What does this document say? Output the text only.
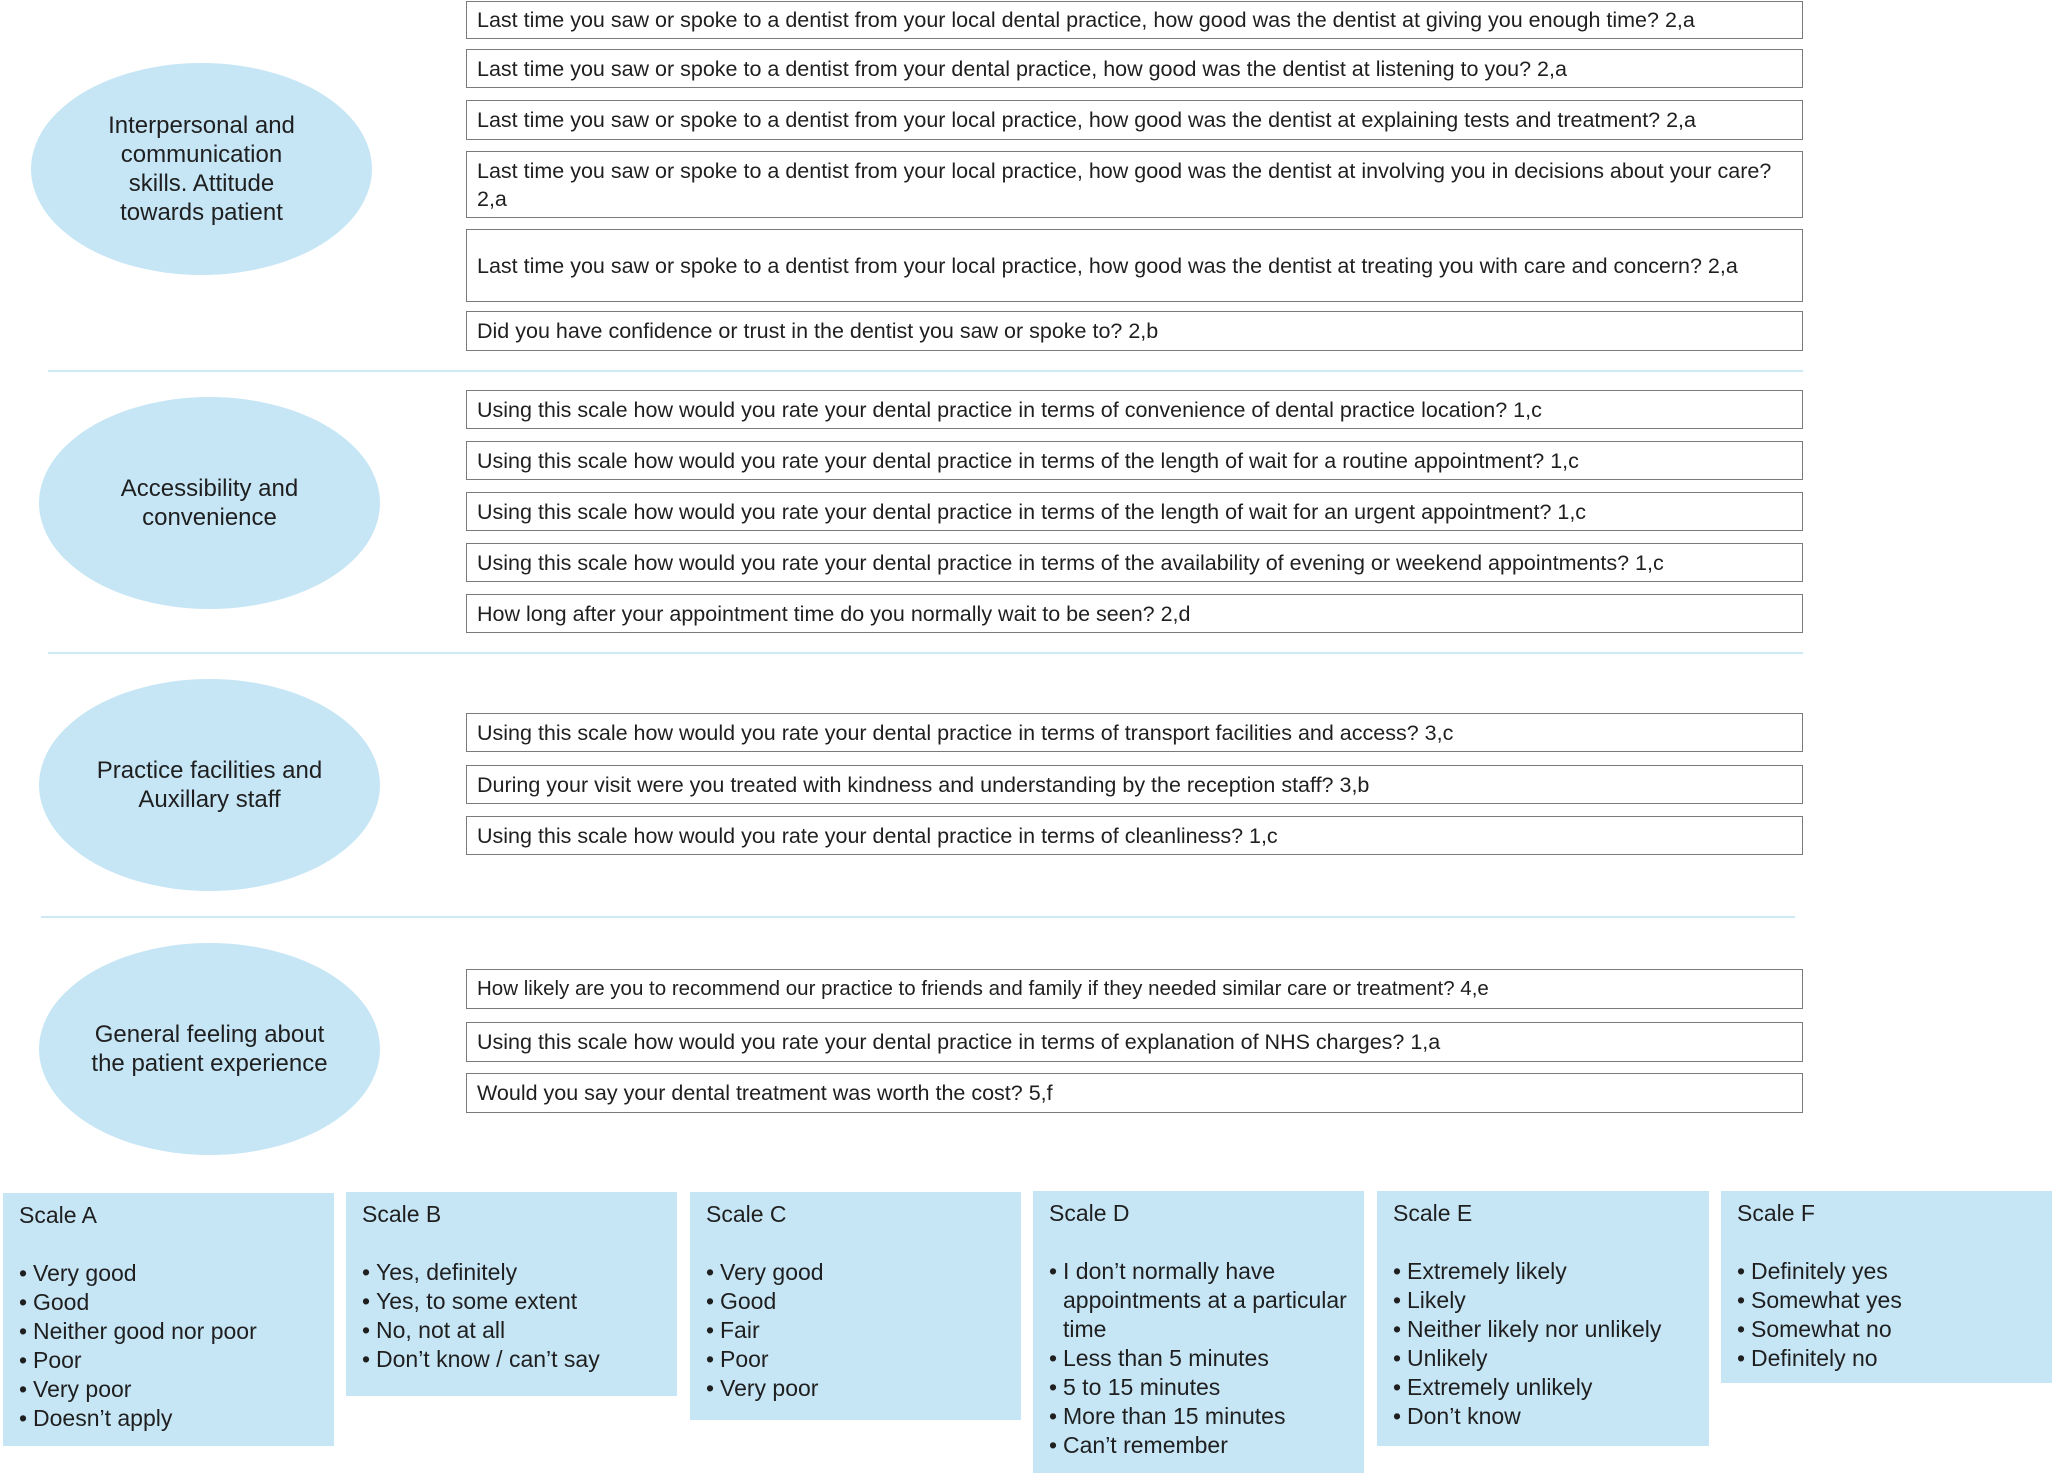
Interpersonal and communication skills. Attitude towards patient
Last time you saw or spoke to a dentist from your local dental practice, how good was the dentist at giving you enough time? 2,a
Last time you saw or spoke to a dentist from your dental practice, how good was the dentist at listening to you? 2,a
Last time you saw or spoke to a dentist from your local practice, how good was the dentist at explaining tests and treatment? 2,a
Last time you saw or spoke to a dentist from your local practice, how good was the dentist at involving you in decisions about your care? 2,a
Last time you saw or spoke to a dentist from your local practice, how good was the dentist at treating you with care and concern? 2,a
Did you have confidence or trust in the dentist you saw or spoke to? 2,b
Accessibility and convenience
Using this scale how would you rate your dental practice in terms of convenience of dental practice location? 1,c
Using this scale how would you rate your dental practice in terms of the length of wait for a routine appointment? 1,c
Using this scale how would you rate your dental practice in terms of the length of wait for an urgent appointment? 1,c
Using this scale how would you rate your dental practice in terms of the availability of evening or weekend appointments? 1,c
How long after your appointment time do you normally wait to be seen? 2,d
Practice facilities and Auxillary staff
Using this scale how would you rate your dental practice in terms of transport facilities and access? 3,c
During your visit were you treated with kindness and understanding by the reception staff? 3,b
Using this scale how would you rate your dental practice in terms of cleanliness? 1,c
General feeling about the patient experience
How likely are you to recommend our practice to friends and family if they needed similar care or treatment? 4,e
Using this scale how would you rate your dental practice in terms of explanation of NHS charges? 1,a
Would you say your dental treatment was worth the cost? 5,f
Scale A
• Very good
• Good
• Neither good nor poor
• Poor
• Very poor
• Doesn’t apply
Scale B
• Yes, definitely
• Yes, to some extent
• No, not at all
• Don’t know / can’t say
Scale C
• Very good
• Good
• Fair
• Poor
• Very poor
Scale D
• I don’t normally have appointments at a particular time
• Less than 5 minutes
• 5 to 15 minutes
• More than 15 minutes
• Can’t remember
Scale E
• Extremely likely
• Likely
• Neither likely nor unlikely
• Unlikely
• Extremely unlikely
• Don’t know
Scale F
• Definitely yes
• Somewhat yes
• Somewhat no
• Definitely no
